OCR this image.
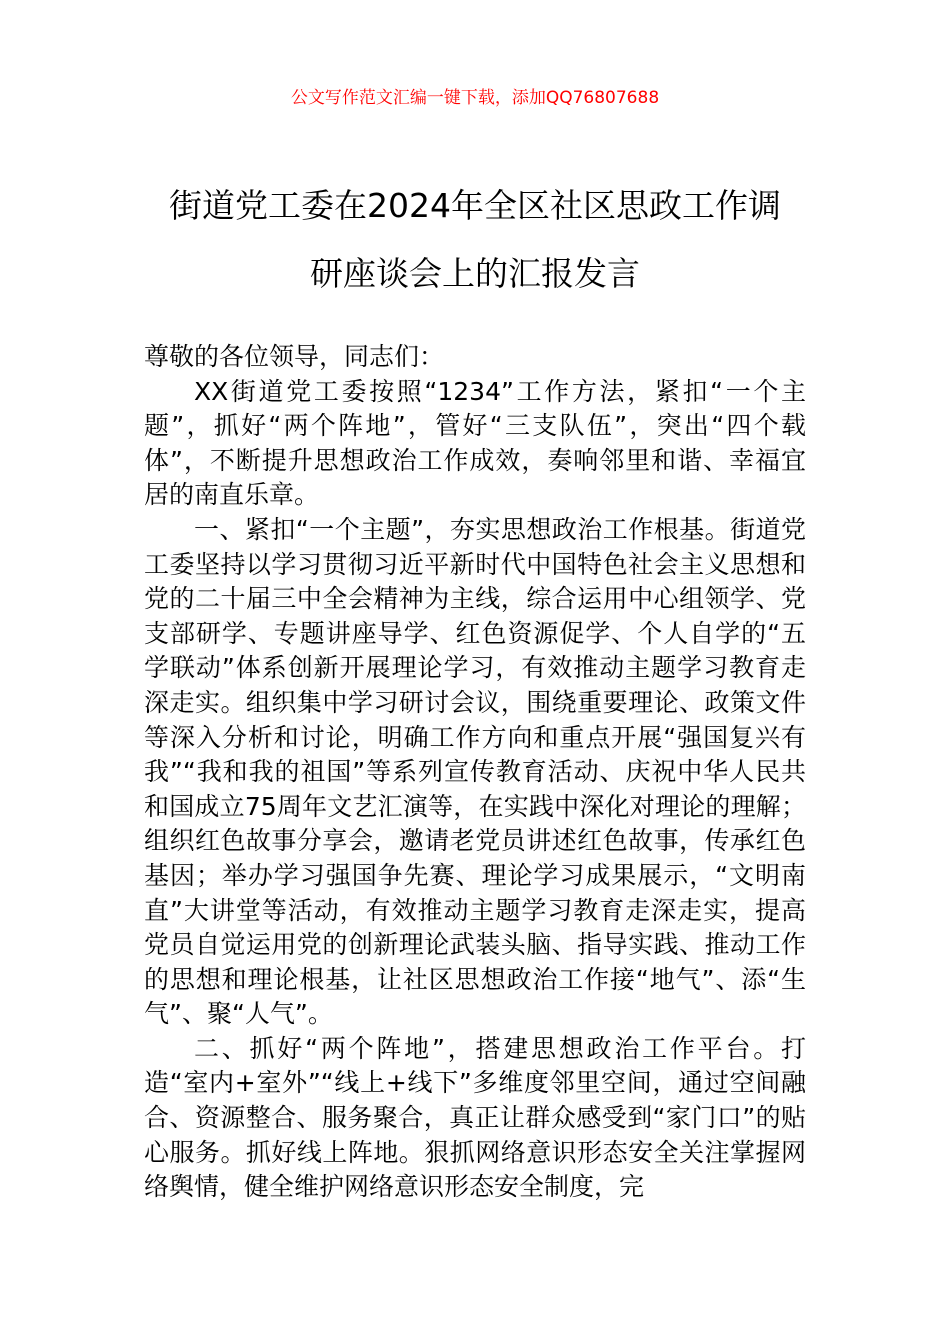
公文写作范文汇编一键下载，添加QQ76807688
街道党工委在2024年全区社区思政工作调
研座谈会上的汇报发言

尊敬的各位领导，同志们：

XX街道党工委按照“1234”工作方法，紧扣“一个主题”，抓好“两个阵地”，管好“三支队伍”，突出“四个载体”，不断提升思想政治工作成效，奏响邻里和谐、幸福宜居的南直乐章。

一、紧扣“一个主题”，夯实思想政治工作根基。街道党工委坚持以学习贯彻习近平新时代中国特色社会主义思想和党的二十届三中全会精神为主线，综合运用中心组领学、党支部研学、专题讲座导学、红色资源促学、个人自学的“五学联动”体系创新开展理论学习，有效推动主题学习教育走深走实。组织集中学习研讨会议，围绕重要理论、政策文件等深入分析和讨论，明确工作方向和重点开展“强国复兴有我”“我和我的祖国”等系列宣传教育活动、庆祝中华人民共和国成立75周年文艺汇演等，在实践中深化对理论的理解；组织红色故事分享会，邀请老党员讲述红色故事，传承红色基因；举办学习强国争先赛、理论学习成果展示，“文明南直”大讲堂等活动，有效推动主题学习教育走深走实，提高党员自觉运用党的创新理论武装头脑、指导实践、推动工作的思想和理论根基，让社区思想政治工作接“地气”、添“生气”、聚“人气”。

二、抓好“两个阵地”，搭建思想政治工作平台。打造“室内+室外”“线上+线下”多维度邻里空间，通过空间融合、资源整合、服务聚合，真正让群众感受到“家门口”的贴心服务。抓好线上阵地。狠抓网络意识形态安全关注掌握网络舆情，健全维护网络意识形态安全制度，完
